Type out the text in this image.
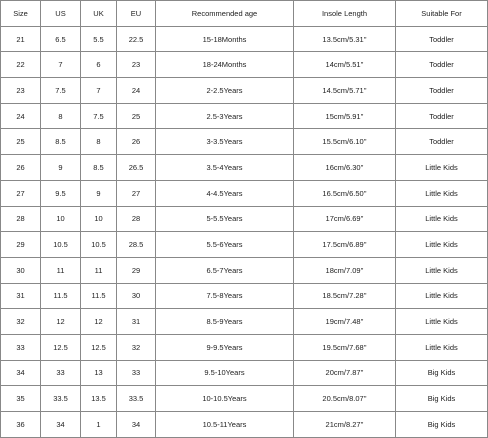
Size	US	UK	EU	Recommended age	Insole Length	Suitable For
21	6.5	5.5	22.5	15-18Months	13.5cm/5.31''	Toddler
22	7	6	23	18-24Months	14cm/5.51''	Toddler
23	7.5	7	24	2-2.5Years	14.5cm/5.71''	Toddler
24	8	7.5	25	2.5-3Years	15cm/5.91''	Toddler
25	8.5	8	26	3-3.5Years	15.5cm/6.10''	Toddler
26	9	8.5	26.5	3.5-4Years	16cm/6.30''	Little Kids
27	9.5	9	27	4-4.5Years	16.5cm/6.50''	Little Kids
28	10	10	28	5-5.5Years	17cm/6.69''	Little Kids
29	10.5	10.5	28.5	5.5-6Years	17.5cm/6.89''	Little Kids
30	11	11	29	6.5-7Years	18cm/7.09''	Little Kids
31	11.5	11.5	30	7.5-8Years	18.5cm/7.28''	Little Kids
32	12	12	31	8.5-9Years	19cm/7.48''	Little Kids
33	12.5	12.5	32	9-9.5Years	19.5cm/7.68''	Little Kids
34	33	13	33	9.5-10Years	20cm/7.87''	Big Kids
35	33.5	13.5	33.5	10-10.5Years	20.5cm/8.07''	Big Kids
36	34	1	34	10.5-11Years	21cm/8.27''	Big Kids
